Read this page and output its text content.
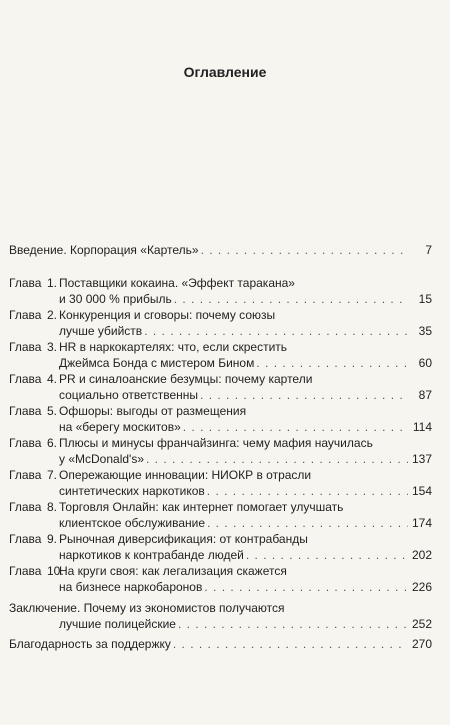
Оглавление
Введение. Корпорация «Картель» . . .	7
Глава 1. Поставщики кокаина. «Эффект таракана»
и 30 000 % прибыль . . .	15
Глава 2. Конкуренция и сговоры: почему союзы
лучше убийств . . .	35
Глава 3. HR в наркокартелях: что, если скрестить
Джеймса Бонда с мистером Бином . . .	60
Глава 4. PR и синалоанские безумцы: почему картели
социально ответственны . . .	87
Глава 5. Офшоры: выгоды от размещения
на «берегу москитов» . . .	114
Глава 6. Плюсы и минусы франчайзинга: чему мафия научилась
у «McDonald's» . . .	137
Глава 7. Опережающие инновации: НИОКР в отрасли
синтетических наркотиков . . .	154
Глава 8. Торговля Онлайн: как интернет помогает улучшать
клиентское обслуживание . . .	174
Глава 9. Рыночная диверсификация: от контрабанды
наркотиков к контрабанде людей . . .	202
Глава 10.
На круги своя: как легализация скажется
на бизнесе наркобаронов . . .	226
Заключение. Почему из экономистов получаются
лучшие полицейские . . .	252
Благодарность за поддержку . . .	270
